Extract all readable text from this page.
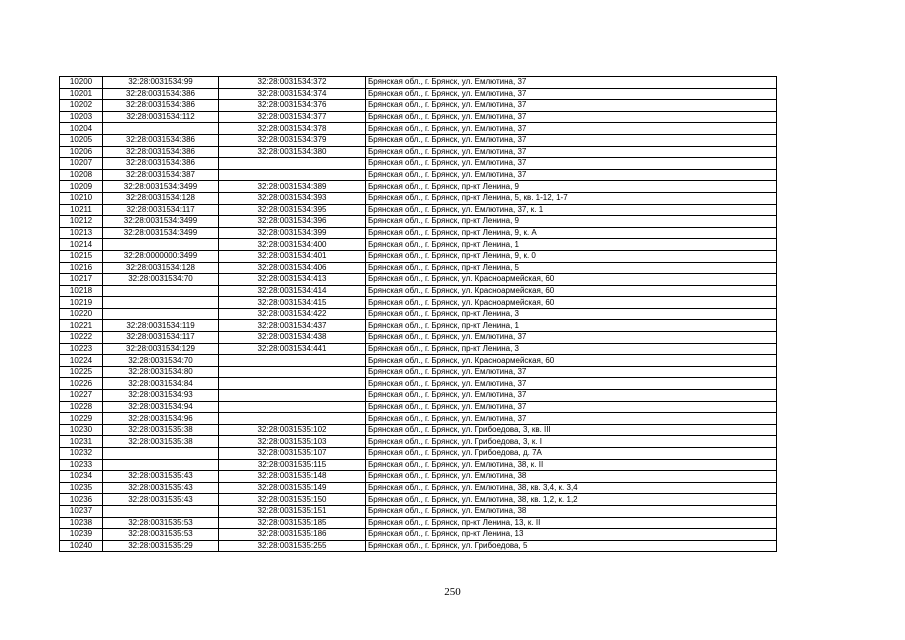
10200	32:28:0031534:99	32:28:0031534:372	Брянская обл., г. Брянск, ул. Емлютина, 37
10201	32:28:0031534:386	32:28:0031534:374	Брянская обл., г. Брянск, ул. Емлютина, 37
10202	32:28:0031534:386	32:28:0031534:376	Брянская обл., г. Брянск, ул. Емлютина, 37
10203	32:28:0031534:112	32:28:0031534:377	Брянская обл., г. Брянск, ул. Емлютина, 37
10204		32:28:0031534:378	Брянская обл., г. Брянск, ул. Емлютина, 37
10205	32:28:0031534:386	32:28:0031534:379	Брянская обл., г. Брянск, ул. Емлютина, 37
10206	32:28:0031534:386	32:28:0031534:380	Брянская обл., г. Брянск, ул. Емлютина, 37
10207	32:28:0031534:386		Брянская обл., г. Брянск, ул. Емлютина, 37
10208	32:28:0031534:387		Брянская обл., г. Брянск, ул. Емлютина, 37
10209	32:28:0031534:3499	32:28:0031534:389	Брянская обл., г. Брянск, пр-кт Ленина, 9
10210	32:28:0031534:128	32:28:0031534:393	Брянская обл., г. Брянск, пр-кт Ленина, 5, кв. 1-12, 1-7
10211	32:28:0031534:117	32:28:0031534:395	Брянская обл., г. Брянск, ул. Емлютина, 37, к. 1
10212	32:28:0031534:3499	32:28:0031534:396	Брянская обл., г. Брянск, пр-кт Ленина, 9
10213	32:28:0031534:3499	32:28:0031534:399	Брянская обл., г. Брянск, пр-кт Ленина, 9, к. А
10214		32:28:0031534:400	Брянская обл., г. Брянск, пр-кт Ленина, 1
10215	32:28:0000000:3499	32:28:0031534:401	Брянская обл., г. Брянск, пр-кт Ленина, 9, к. 0
10216	32:28:0031534:128	32:28:0031534:406	Брянская обл., г. Брянск, пр-кт Ленина, 5
10217	32:28:0031534:70	32:28:0031534:413	Брянская обл., г. Брянск, ул. Красноармейская, 60
10218		32:28:0031534:414	Брянская обл., г. Брянск, ул. Красноармейская, 60
10219		32:28:0031534:415	Брянская обл., г. Брянск, ул. Красноармейская, 60
10220		32:28:0031534:422	Брянская обл., г. Брянск, пр-кт Ленина, 3
10221	32:28:0031534:119	32:28:0031534:437	Брянская обл., г. Брянск, пр-кт Ленина, 1
10222	32:28:0031534:117	32:28:0031534:438	Брянская обл., г. Брянск, ул. Емлютина, 37
10223	32:28:0031534:129	32:28:0031534:441	Брянская обл., г. Брянск, пр-кт Ленина, 3
10224	32:28:0031534:70		Брянская обл., г. Брянск, ул. Красноармейская, 60
10225	32:28:0031534:80		Брянская обл., г. Брянск, ул. Емлютина, 37
10226	32:28:0031534:84		Брянская обл., г. Брянск, ул. Емлютина, 37
10227	32:28:0031534:93		Брянская обл., г. Брянск, ул. Емлютина, 37
10228	32:28:0031534:94		Брянская обл., г. Брянск, ул. Емлютина, 37
10229	32:28:0031534:96		Брянская обл., г. Брянск, ул. Емлютина, 37
10230	32:28:0031535:38	32:28:0031535:102	Брянская обл., г. Брянск, ул. Грибоедова, 3, кв. III
10231	32:28:0031535:38	32:28:0031535:103	Брянская обл., г. Брянск, ул. Грибоедова, 3, к. I
10232		32:28:0031535:107	Брянская обл., г. Брянск, ул. Грибоедова, д. 7А
10233		32:28:0031535:115	Брянская обл., г. Брянск, ул. Емлютина, 38, к. II
10234	32:28:0031535:43	32:28:0031535:148	Брянская обл., г. Брянск, ул. Емлютина, 38
10235	32:28:0031535:43	32:28:0031535:149	Брянская обл., г. Брянск, ул. Емлютина, 38, кв. 3,4, к. 3,4
10236	32:28:0031535:43	32:28:0031535:150	Брянская обл., г. Брянск, ул. Емлютина, 38, кв. 1,2, к. 1,2
10237		32:28:0031535:151	Брянская обл., г. Брянск, ул. Емлютина, 38
10238	32:28:0031535:53	32:28:0031535:185	Брянская обл., г. Брянск, пр-кт Ленина, 13, к. II
10239	32:28:0031535:53	32:28:0031535:186	Брянская обл., г. Брянск, пр-кт Ленина, 13
10240	32:28:0031535:29	32:28:0031535:255	Брянская обл., г. Брянск, ул. Грибоедова, 5
250
